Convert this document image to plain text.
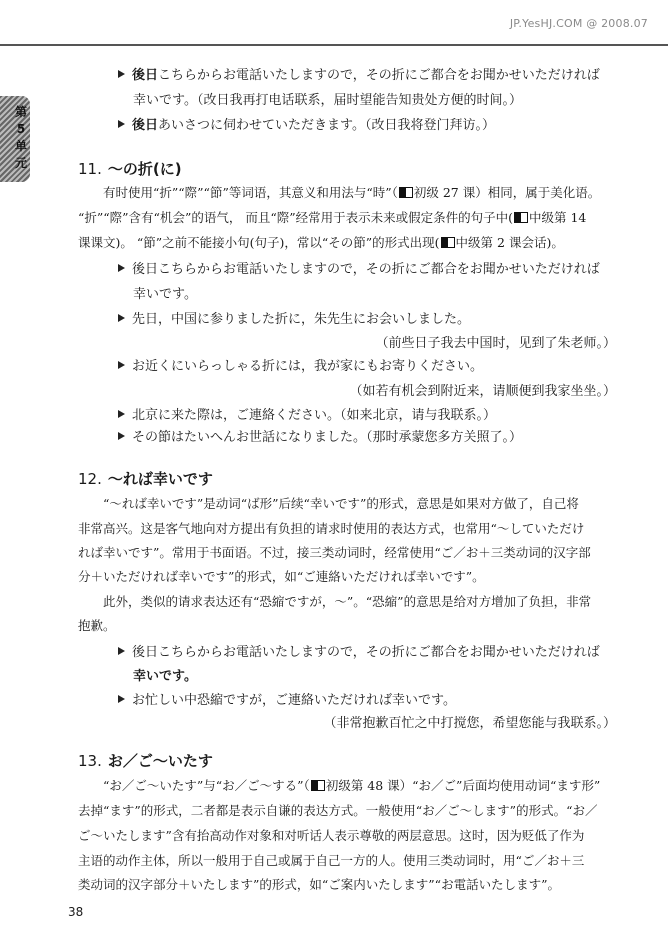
JP.YesHJ.COM @ 2008.07
第5单元
後日こちらからお電話いたしますので，その折にご都合をお聞かせいただければ
幸いです。（改日我再打电话联系，届时望能告知贵处方便的时间。）
後日あいさつに伺わせていただきます。（改日我将登门拜访。）
11. ～の折(に)
有时使用“折”“際”“節”等词语，其意义和用法与“時”（ 初级 27 课）相同，属于美化语。
“折”“際”含有“机会”的语气， 而且“際”经常用于表示未来或假定条件的句子中( 中级第 14
课课文)。 “節”之前不能接小句(句子)，常以“その節”的形式出现( 中级第 2 课会话)。
後日こちらからお電話いたしますので，その折にご都合をお聞かせいただければ
幸いです。
先日，中国に参りました折に，朱先生にお会いしました。
（前些日子我去中国时，见到了朱老师。）
お近くにいらっしゃる折には，我が家にもお寄りください。
（如若有机会到附近来，请顺便到我家坐坐。）
北京に来た際は，ご連絡ください。（如来北京，请与我联系。）
その節はたいへんお世話になりました。（那时承蒙您多方关照了。）
12. ～れば幸いです
“～れば幸いです”是动词“ば形”后续“幸いです”的形式，意思是如果对方做了，自己将
非常高兴。这是客气地向对方提出有负担的请求时使用的表达方式，也常用“～していただけ
れば幸いです”。常用于书面语。不过，接三类动词时，经常使用“ご／お＋三类动词的汉字部
分＋いただければ幸いです”的形式，如“ご連絡いただければ幸いです”。
此外，类似的请求表达还有“恐縮ですが，～”。“恐縮”的意思是给对方增加了负担，非常
抱歉。
後日こちらからお電話いたしますので，その折にご都合をお聞かせいただければ
幸いです。
お忙しい中恐縮ですが，ご連絡いただければ幸いです。
（非常抱歉百忙之中打搅您，希望您能与我联系。）
13. お／ご～いたす
“お／ご～いたす”与“お／ご～する”（ 初级第 48 课）“お／ご”后面均使用动词“ます形”
去掉“ます”的形式，二者都是表示自谦的表达方式。一般使用“お／ご～します”的形式。“お／
ご～いたします”含有抬高动作对象和对听话人表示尊敬的两层意思。这时，因为贬低了作为
主语的动作主体，所以一般用于自己或属于自己一方的人。使用三类动词时，用“ご／お＋三
类动词的汉字部分＋いたします”的形式，如“ご案内いたします”“お電話いたします”。
38
